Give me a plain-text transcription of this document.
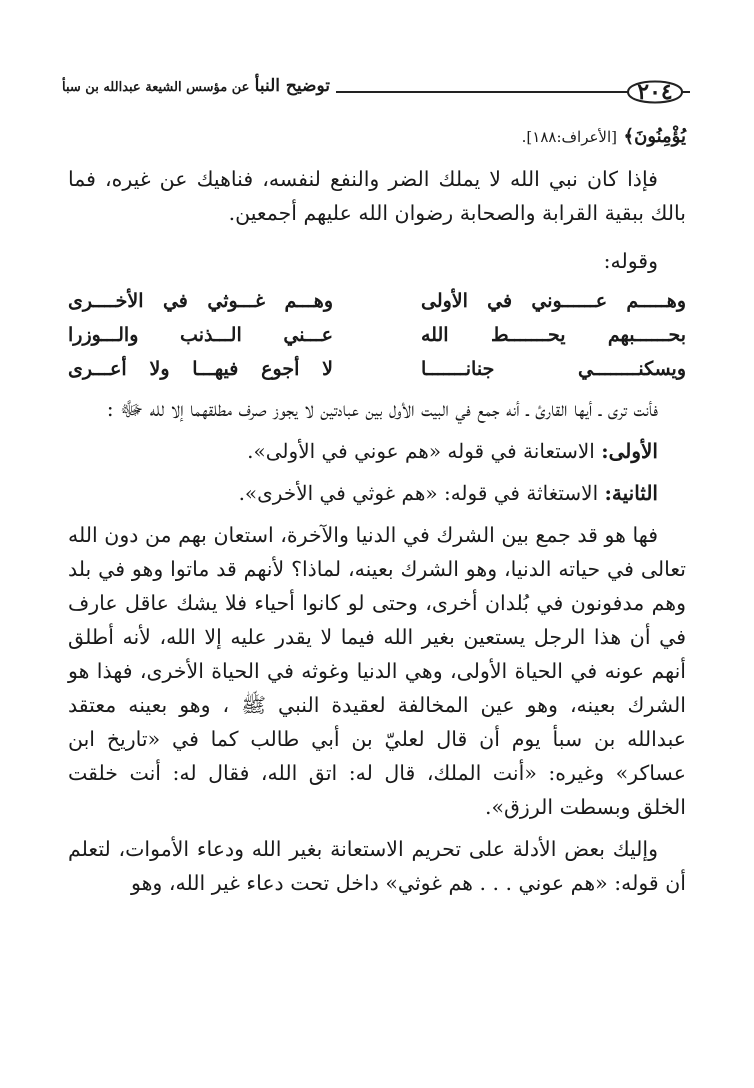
٢٠٤
توضيح النبأ عن مؤسس الشيعة عبدالله بن سبأ

يُؤْمِنُونَ﴾ [الأعراف:١٨٨].

فإذا كان نبي الله لا يملك الضر والنفع لنفسه، فناهيك عن غيره، فما بالك ببقية القرابة والصحابة رضوان الله عليهم أجمعين.

وقوله:

وهـــــم عــــــوني في الأولى
وهـــم غـــوثي في الأخــــرى
بحــــــبهم يحـــــــط الله
عـــني الـــذنب والـــوزرا
ويسكنــــــــي جنانـــــــا
لا أجوع فيهـــا ولا أعـــرى

فأنت ترى ـ أيها القارئ ـ أنه جمع في البيت الأول بين عبادتين لا يجوز صرف مطلقهما إلا لله ﷻ :

الأولى: الاستعانة في قوله «هم عوني في الأولى».

الثانية: الاستغاثة في قوله: «هم غوثي في الأخرى».

فها هو قد جمع بين الشرك في الدنيا والآخرة، استعان بهم من دون الله تعالى في حياته الدنيا، وهو الشرك بعينه، لماذا؟ لأنهم قد ماتوا وهو في بلد وهم مدفونون في بُلدان أخرى، وحتى لو كانوا أحياء فلا يشك عاقل عارف في أن هذا الرجل يستعين بغير الله فيما لا يقدر عليه إلا الله، لأنه أطلق أنهم عونه في الحياة الأولى، وهي الدنيا وغوثه في الحياة الأخرى، فهذا هو الشرك بعينه، وهو عين المخالفة لعقيدة النبي ﷺ ، وهو بعينه معتقد عبدالله بن سبأ يوم أن قال لعليّ بن أبي طالب كما في «تاريخ ابن عساكر» وغيره: «أنت الملك، قال له: اتق الله، فقال له: أنت خلقت الخلق وبسطت الرزق».

وإليك بعض الأدلة على تحريم الاستعانة بغير الله ودعاء الأموات، لتعلم أن قوله: «هم عوني . . . هم غوثي» داخل تحت دعاء غير الله، وهو
